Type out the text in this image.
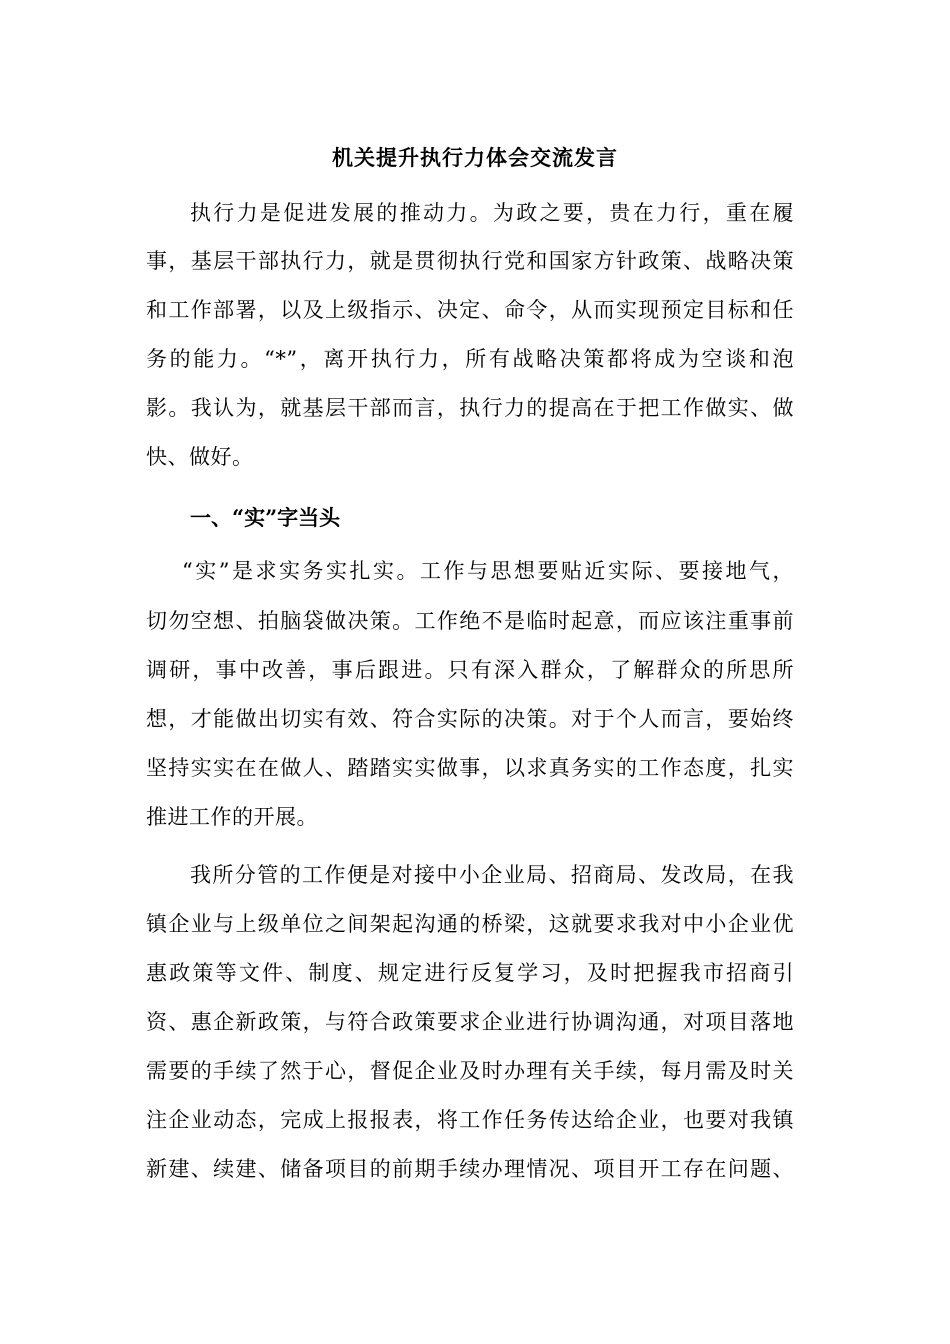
机关提升执行力体会交流发言
执行力是促进发展的推动力。为政之要，贵在力行，重在履
事，基层干部执行力，就是贯彻执行党和国家方针政策、战略决策
和工作部署，以及上级指示、决定、命令，从而实现预定目标和任
务的能力。“*”，离开执行力，所有战略决策都将成为空谈和泡
影。我认为，就基层干部而言，执行力的提高在于把工作做实、做
快、做好。
一、“实”字当头
“实”是求实务实扎实。工作与思想要贴近实际、要接地气，
切勿空想、拍脑袋做决策。工作绝不是临时起意，而应该注重事前
调研，事中改善，事后跟进。只有深入群众，了解群众的所思所
想，才能做出切实有效、符合实际的决策。对于个人而言，要始终
坚持实实在在做人、踏踏实实做事，以求真务实的工作态度，扎实
推进工作的开展。
我所分管的工作便是对接中小企业局、招商局、发改局，在我
镇企业与上级单位之间架起沟通的桥梁，这就要求我对中小企业优
惠政策等文件、制度、规定进行反复学习，及时把握我市招商引
资、惠企新政策，与符合政策要求企业进行协调沟通，对项目落地
需要的手续了然于心，督促企业及时办理有关手续，每月需及时关
注企业动态，完成上报报表，将工作任务传达给企业，也要对我镇
新建、续建、储备项目的前期手续办理情况、项目开工存在问题、
